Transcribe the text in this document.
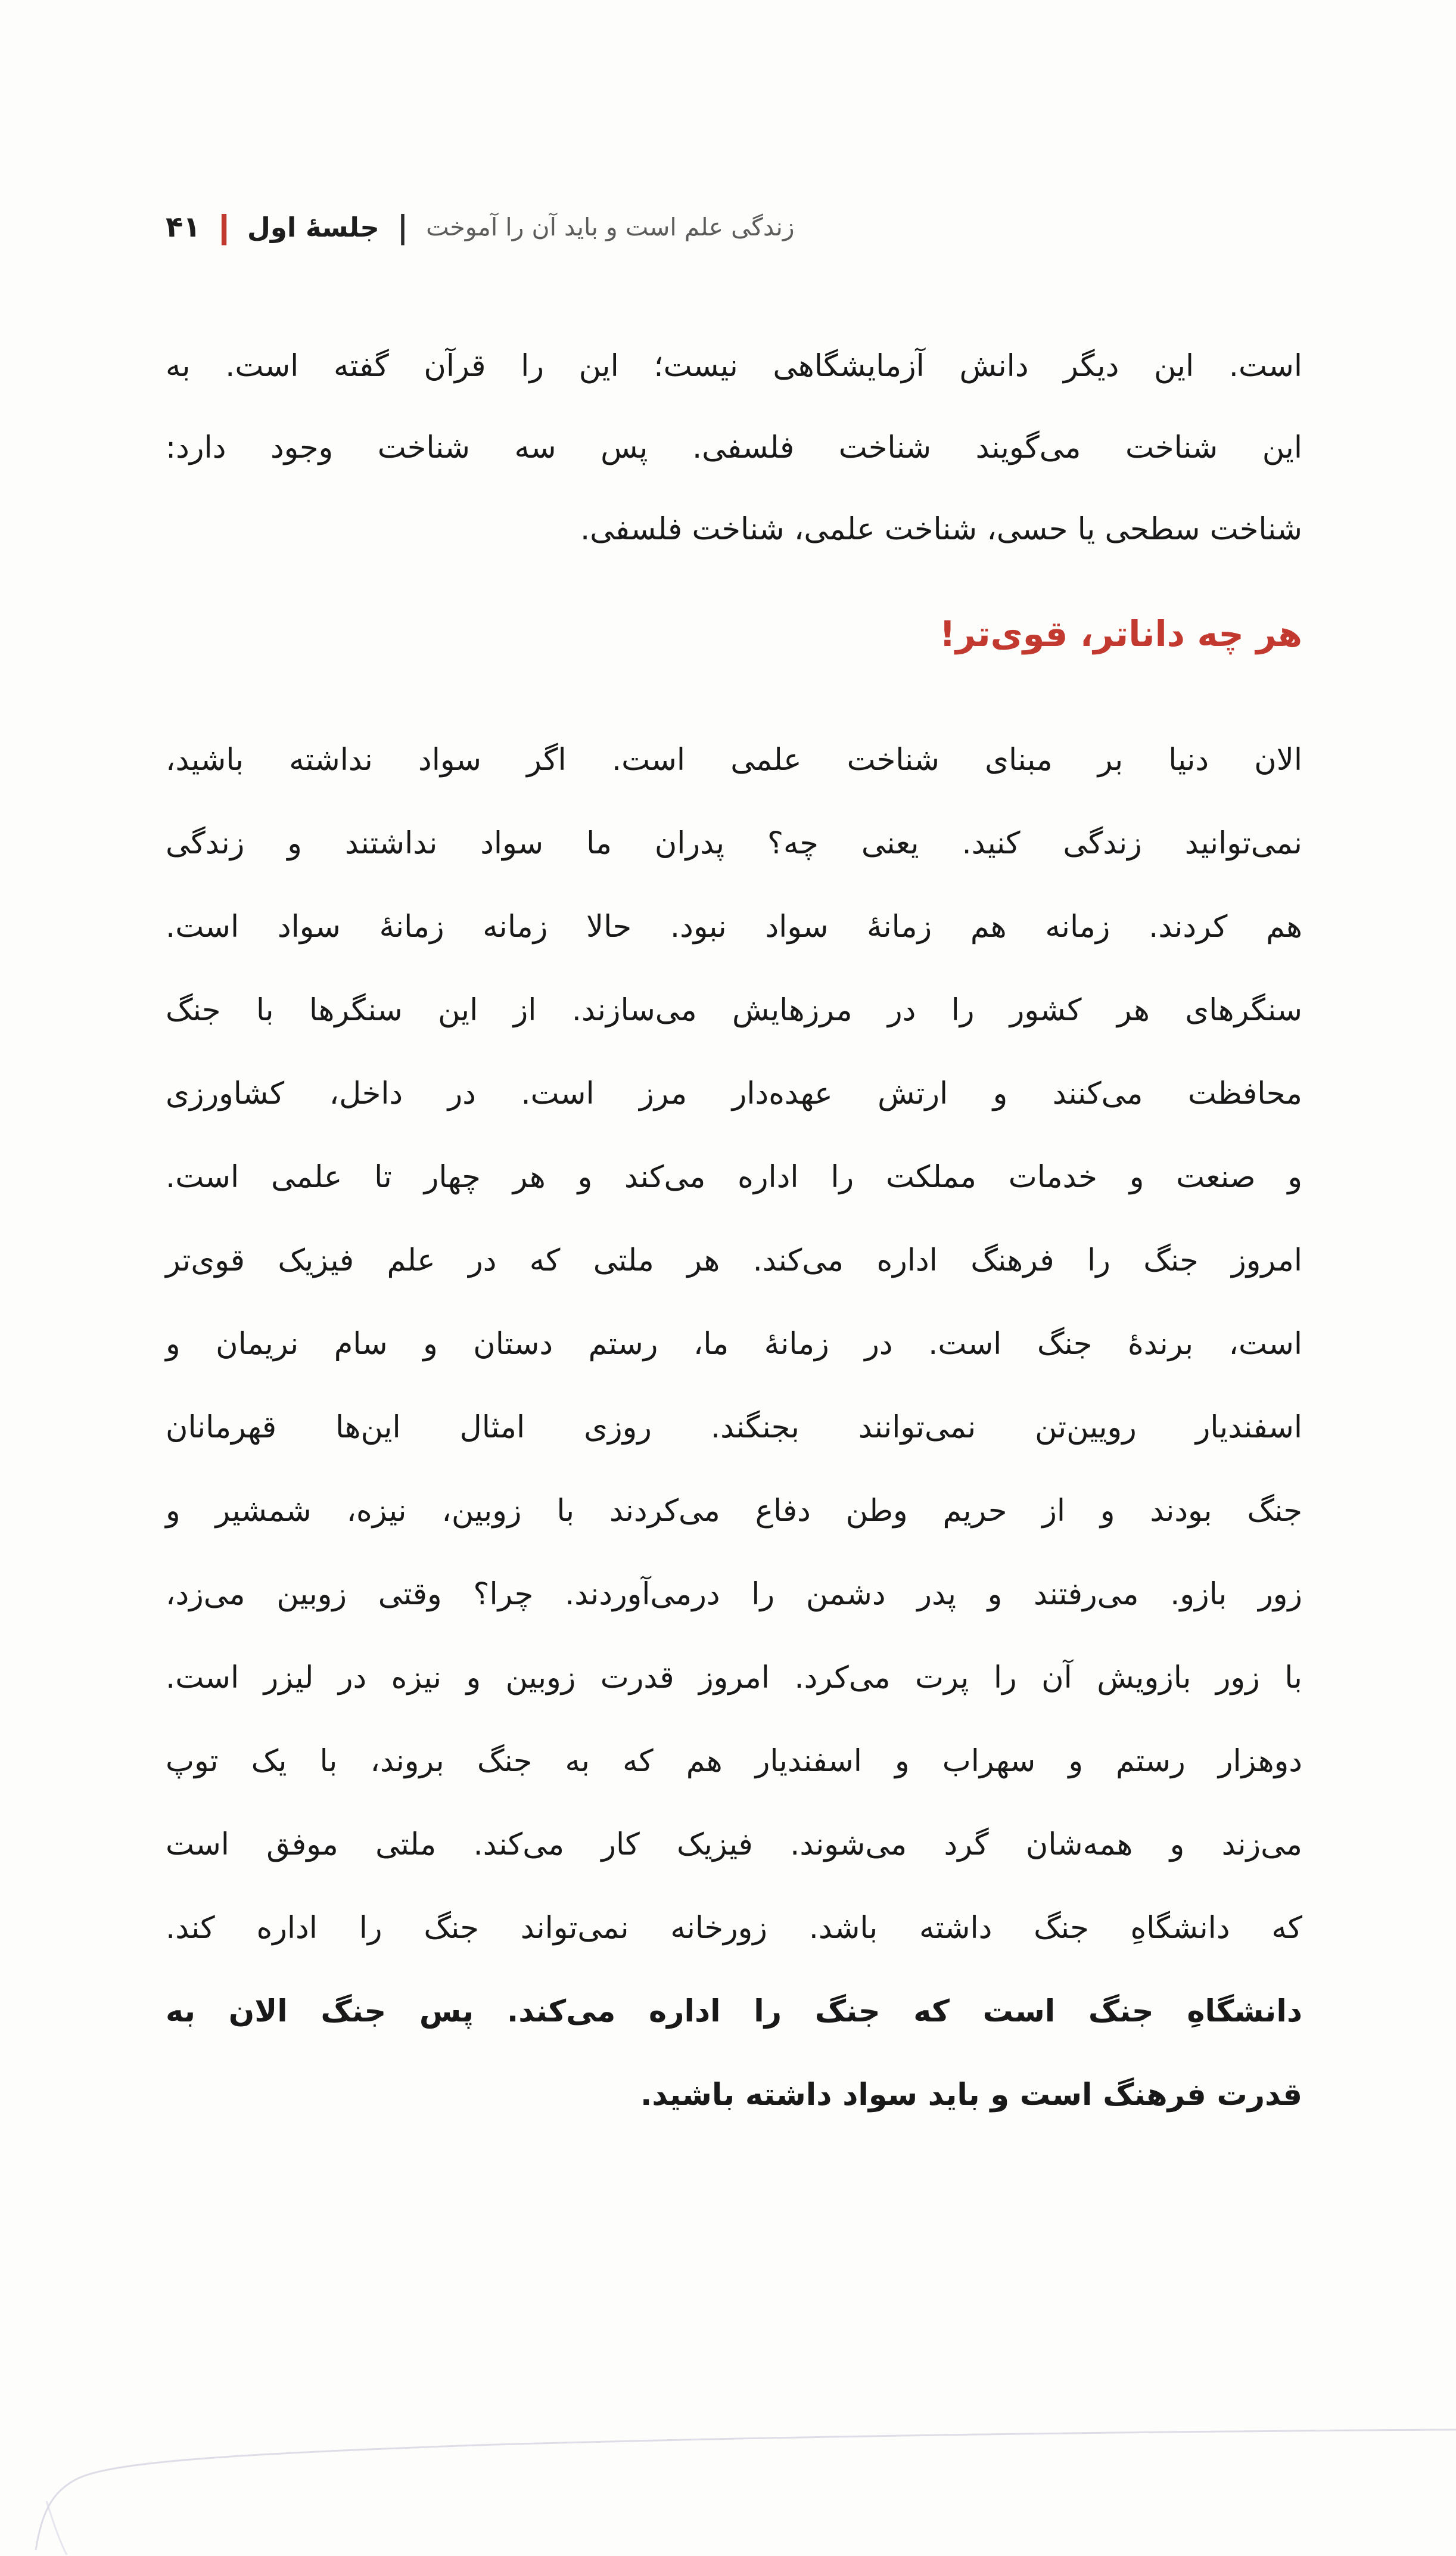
زندگی علم است و باید آن را آموخت
|
جلسهٔ اول
|
۴۱
است. این دیگر دانش آزمایشگاهی نیست؛ این را قرآن گفته است. به
این شناخت می‌گویند شناخت فلسفی. پس سه شناخت وجود دارد:
شناخت سطحی یا حسی، شناخت علمی، شناخت فلسفی.
هر چه داناتر، قوی‌تر!
الان دنیا بر مبنای شناخت علمی است. اگر سواد نداشته باشید،
نمی‌توانید زندگی کنید. یعنی چه؟ پدران ما سواد نداشتند و زندگی
هم کردند. زمانه هم زمانهٔ سواد نبود. حالا زمانه زمانهٔ سواد است.
سنگرهای هر کشور را در مرزهایش می‌سازند. از این سنگرها با جنگ
محافظت می‌کنند و ارتش عهده‌دار مرز است. در داخل، کشاورزی
و صنعت و خدمات مملکت را اداره می‌کند و هر چهار تا علمی است.
امروز جنگ را فرهنگ اداره می‌کند. هر ملتی که در علم فیزیک قوی‌تر
است، برندهٔ جنگ است. در زمانهٔ ما، رستم دستان و سام نریمان و
اسفندیار رویین‌تن نمی‌توانند بجنگند. روزی امثال این‌ها قهرمانان
جنگ بودند و از حریم وطن دفاع می‌کردند با زوبین، نیزه، شمشیر و
زور بازو. می‌رفتند و پدر دشمن را درمی‌آوردند. چرا؟ وقتی زوبین می‌زد،
با زور بازویش آن را پرت می‌کرد. امروز قدرت زوبین و نیزه در لیزر است.
دوهزار رستم و سهراب و اسفندیار هم که به جنگ بروند، با یک توپ
می‌زند و همه‌شان گرد می‌شوند. فیزیک کار می‌کند. ملتی موفق است
که دانشگاهِ جنگ داشته باشد. زورخانه نمی‌تواند جنگ را اداره کند.
دانشگاهِ جنگ است که جنگ را اداره می‌کند. پس جنگ الان به
قدرت فرهنگ است و باید سواد داشته باشید.
